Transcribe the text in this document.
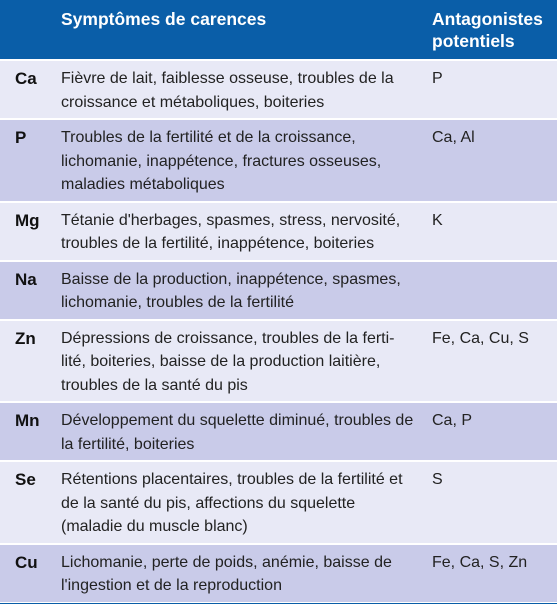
	Symptômes de carences	Antagonistes potentiels

Ca	Fièvre de lait, faiblesse osseuse, troubles de la croissance et métaboliques, boiteries	P
P	Troubles de la fertilité et de la croissance, lichomanie, inappétence, fractures osseuses, maladies métaboliques	Ca, Al
Mg	Tétanie d'herbages, spasmes, stress, nervosité, troubles de la fertilité, inappétence, boiteries	K
Na	Baisse de la production, inappétence, spasmes, lichomanie, troubles de la fertilité	
Zn	Dépressions de croissance, troubles de la ferti-lité, boiteries, baisse de la production laitière, troubles de la santé du pis	Fe, Ca, Cu, S
Mn	Développement du squelette diminué, troubles de la fertilité, boiteries	Ca, P
Se	Rétentions placentaires, troubles de la fertilité et de la santé du pis, affections du squelette (maladie du muscle blanc)	S
Cu	Lichomanie, perte de poids, anémie, baisse de l'ingestion et de la reproduction	Fe, Ca, S, Zn
